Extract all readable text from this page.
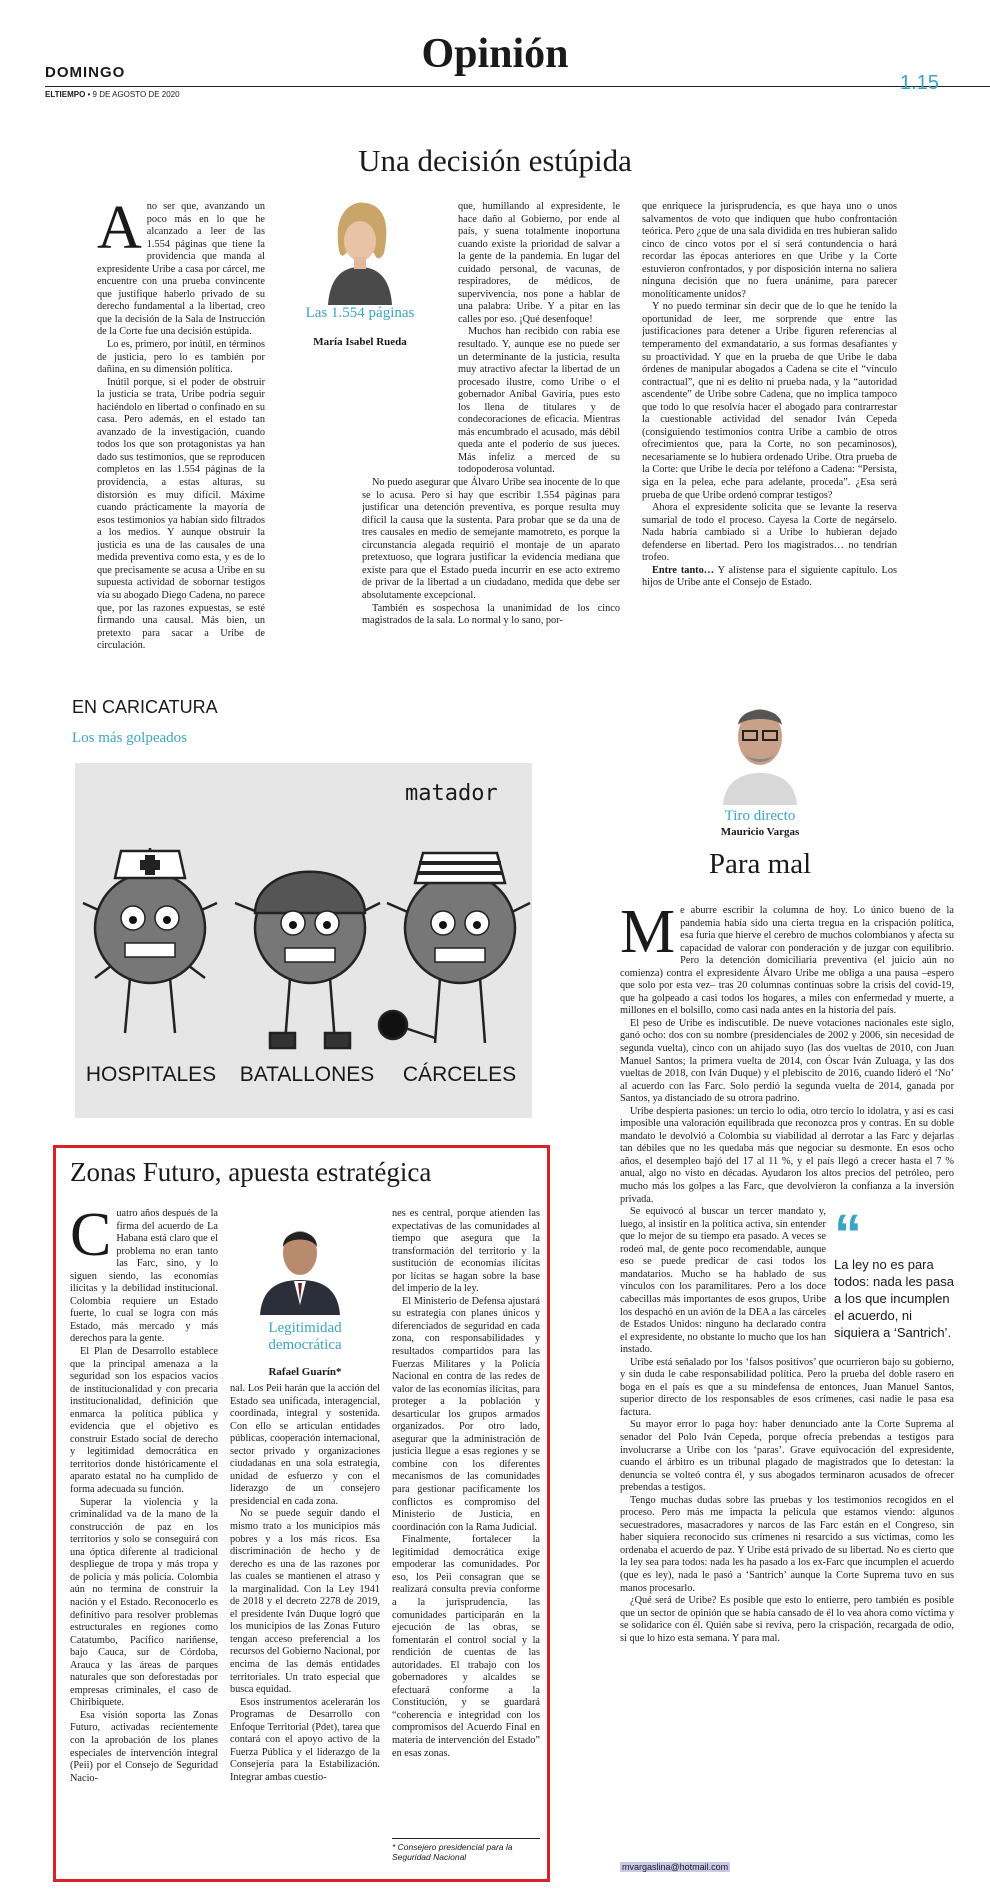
DOMINGO
ELTIEMPO • 9 DE AGOSTO DE 2020
Opinión
1.15
Una decisión estúpida

Ano ser que, avanzando un poco más en lo que he alcanzado a leer de las 1.554 páginas que tiene la providencia que manda al expresidente Uribe a casa por cárcel, me encuentre con una prueba convincente que justifique haberlo privado de su derecho fundamental a la libertad, creo que la decisión de la Sala de Instrucción de la Corte fue una decisión estúpida.

Lo es, primero, por inútil, en términos de justicia, pero lo es también por dañina, en su dimensión política.

Inútil porque, si el poder de obstruir la justicia se trata, Uribe podría seguir haciéndolo en libertad o confinado en su casa. Pero además, en el estado tan avanzado de la investigación, cuando todos los que son protagonistas ya han dado sus testimonios, que se reproducen completos en las 1.554 páginas de la providencia, a estas alturas, su distorsión es muy difícil. Máxime cuando prácticamente la mayoría de esos testimonios ya habían sido filtrados a los medios. Y aunque obstruir la justicia es una de las causales de una medida preventiva como esta, y es de lo que precisamente se acusa a Uribe en su supuesta actividad de sobornar testigos vía su abogado Diego Cadena, no parece que, por las razones expuestas, se esté firmando una causal. Más bien, un pretexto para sacar a Uribe de circulación.

Las 1.554 páginas
María Isabel Rueda

que, humillando al expresidente, le hace daño al Gobierno, por ende al país, y suena totalmente inoportuna cuando existe la prioridad de salvar a la gente de la pandemia. En lugar del cuidado personal, de vacunas, de respiradores, de médicos, de supervivencia, nos pone a hablar de una palabra: Uribe. Y a pitar en las calles por eso. ¡Qué desenfoque!

Muchos han recibido con rabia ese resultado. Y, aunque ese no puede ser un determinante de la justicia, resulta muy atractivo afectar la libertad de un procesado ilustre, como Uribe o el gobernador Aníbal Gaviria, pues esto los llena de titulares y de condecoraciones de eficacia. Mientras más encumbrado el acusado, más débil queda ante el poderío de sus jueces. Más infeliz a merced de su todopoderosa voluntad.

No puedo asegurar que Álvaro Uribe sea inocente de lo que se lo acusa. Pero si hay que escribir 1.554 páginas para justificar una detención preventiva, es porque resulta muy difícil la causa que la sustenta. Para probar que se da una de tres causales en medio de semejante mamotreto, es porque la circunstancia alegada requirió el montaje de un aparato pretextuoso, que lograra justificar la evidencia mediana que existe para que el Estado pueda incurrir en ese acto extremo de privar de la libertad a un ciudadano, medida que debe ser absolutamente excepcional.

También es sospechosa la unanimidad de los cinco magistrados de la sala. Lo normal y lo sano, por-

que enriquece la jurisprudencia, es que haya uno o unos salvamentos de voto que indiquen que hubo confrontación teórica. Pero ¿que de una sala dividida en tres hubieran salido cinco de cinco votos por el sí será contundencia o hará recordar las épocas anteriores en que Uribe y la Corte estuvieron confrontados, y por disposición interna no saliera ninguna decisión que no fuera unánime, para parecer monolíticamente unidos?

Y no puedo terminar sin decir que de lo que he tenido la oportunidad de leer, me sorprende que entre las justificaciones para detener a Uribe figuren referencias al temperamento del exmandatario, a sus formas desafiantes y su proactividad. Y que en la prueba de que Uribe le daba órdenes de manipular abogados a Cadena se cite el “vínculo contractual”, que ni es delito ni prueba nada, y la “autoridad ascendente” de Uribe sobre Cadena, que no implica tampoco que todo lo que resolvía hacer el abogado para contrarrestar la cuestionable actividad del senador Iván Cepeda (consiguiendo testimonios contra Uribe a cambio de otros ofrecimientos que, para la Corte, no son pecaminosos), necesariamente se lo hubiera ordenado Uribe. Otra prueba de la Corte: que Uribe le decía por teléfono a Cadena: “Persista, siga en la pelea, eche para adelante, proceda”. ¿Esa será prueba de que Uribe ordenó comprar testigos?

Ahora el expresidente solicita que se levante la reserva sumarial de todo el proceso. Cayesa la Corte de negárselo. Nada habría cambiado si a Uribe lo hubieran dejado defenderse en libertad. Pero los magistrados… no tendrían trofeo.

Entre tanto… Y alístense para el siguiente capítulo. Los hijos de Uribe ante el Consejo de Estado.

EN CARICATURA
Los más golpeados
matador
HOSPITALES	BATALLONES	CÁRCELES
Tiro directo
Mauricio Vargas
Para mal

Me aburre escribir la columna de hoy. Lo único bueno de la pandemia había sido una cierta tregua en la crispación política, esa furia que hierve el cerebro de muchos colombianos y afecta su capacidad de valorar con ponderación y de juzgar con equilibrio. Pero la detención domiciliaria preventiva (el juicio aún no comienza) contra el expresidente Álvaro Uribe me obliga a una pausa –espero que solo por esta vez– tras 20 columnas continuas sobre la crisis del covid-19, que ha golpeado a casi todos los hogares, a miles con enfermedad y muerte, a millones en el bolsillo, como casi nada antes en la historia del país.

El peso de Uribe es indiscutible. De nueve votaciones nacionales este siglo, ganó ocho: dos con su nombre (presidenciales de 2002 y 2006, sin necesidad de segunda vuelta), cinco con un ahijado suyo (las dos vueltas de 2010, con Juan Manuel Santos; la primera vuelta de 2014, con Óscar Iván Zuluaga, y las dos vueltas de 2018, con Iván Duque) y el plebiscito de 2016, cuando lideró el ‘No’ al acuerdo con las Farc. Solo perdió la segunda vuelta de 2014, ganada por Santos, ya distanciado de su otrora padrino.

Uribe despierta pasiones: un tercio lo odia, otro tercio lo idolatra, y así es casi imposible una valoración equilibrada que reconozca pros y contras. En su doble mandato le devolvió a Colombia su viabilidad al derrotar a las Farc y dejarlas tan débiles que no les quedaba más que negociar su desmonte. En esos ocho años, el desempleo bajó del 17 al 11 %, y el país llegó a crecer hasta el 7 % anual, algo no visto en décadas. Ayudaron los altos precios del petróleo, pero mucho más los golpes a las Farc, que devolvieron la confianza a la inversión privada.

“
La ley no es para todos: nada les pasa a los que incumplen el acuerdo, ni siquiera a ‘Santrich’.

Se equivocó al buscar un tercer mandato y, luego, al insistir en la política activa, sin entender que lo mejor de su tiempo era pasado. A veces se rodeó mal, de gente poco recomendable, aunque eso se puede predicar de casi todos los mandatarios. Mucho se ha hablado de sus vínculos con los paramilitares. Pero a los doce cabecillas más importantes de esos grupos, Uribe los despachó en un avión de la DEA a las cárceles de Estados Unidos: ninguno ha declarado contra el expresidente, no obstante lo mucho que los han instado.

Uribe está señalado por los ‘falsos positivos’ que ocurrieron bajo su gobierno, y sin duda le cabe responsabilidad política. Pero la prueba del doble rasero en boga en el país es que a su mindefensa de entonces, Juan Manuel Santos, superior directo de los responsables de esos crímenes, casi nadie le pasa esa factura.

Su mayor error lo paga hoy: haber denunciado ante la Corte Suprema al senador del Polo Iván Cepeda, porque ofrecía prebendas a testigos para involucrarse a Uribe con los ‘paras’. Grave equivocación del expresidente, cuando el árbitro es un tribunal plagado de magistrados que lo detestan: la denuncia se volteó contra él, y sus abogados terminaron acusados de ofrecer prebendas a testigos.

Tengo muchas dudas sobre las pruebas y los testimonios recogidos en el proceso. Pero más me impacta la película que estamos viendo: algunos secuestradores, masacradores y narcos de las Farc están en el Congreso, sin haber siquiera reconocido sus crímenes ni resarcido a sus víctimas, como les ordenaba el acuerdo de paz. Y Uribe está privado de su libertad. No es cierto que la ley sea para todos: nada les ha pasado a los ex-Farc que incumplen el acuerdo (que es ley), nada le pasó a ‘Santrich’ aunque la Corte Suprema tuvo en sus manos procesarlo.

¿Qué será de Uribe? Es posible que esto lo entierre, pero también es posible que un sector de opinión que se había cansado de él lo vea ahora como víctima y se solidarice con él. Quién sabe si reviva, pero la crispación, recargada de odio, si que lo hizo esta semana. Y para mal.

mvargaslina@hotmail.com
Zonas Futuro, apuesta estratégica

Cuatro años después de la firma del acuerdo de La Habana está claro que el problema no eran tanto las Farc, sino, y lo siguen siendo, las economías ilícitas y la debilidad institucional. Colombia requiere un Estado fuerte, lo cual se logra con más Estado, más mercado y más derechos para la gente.

El Plan de Desarrollo establece que la principal amenaza a la seguridad son los espacios vacíos de institucionalidad y con precaria institucionalidad, definición que enmarca la política pública y evidencia que el objetivo es construir Estado social de derecho y legitimidad democrática en territorios donde históricamente el aparato estatal no ha cumplido de forma adecuada su función.

Superar la violencia y la criminalidad va de la mano de la construcción de paz en los territorios y solo se conseguirá con una óptica diferente al tradicional despliegue de tropa y más tropa y de policía y más policía. Colombia aún no termina de construir la nación y el Estado. Reconocerlo es definitivo para resolver problemas estructurales en regiones como Catatumbo, Pacífico nariñense, bajo Cauca, sur de Córdoba, Arauca y las áreas de parques naturales que son deforestadas por empresas criminales, el caso de Chiribiquete.

Esa visión soporta las Zonas Futuro, activadas recientemente con la aprobación de los planes especiales de intervención integral (Peii) por el Consejo de Seguridad Nacio-

Legitimidad democrática
Rafael Guarín*

nal. Los Peii harán que la acción del Estado sea unificada, interagencial, coordinada, integral y sostenida. Con ello se articulan entidades públicas, cooperación internacional, sector privado y organizaciones ciudadanas en una sola estrategia, unidad de esfuerzo y con el liderazgo de un consejero presidencial en cada zona.

No se puede seguir dando el mismo trato a los municipios más pobres y a los más ricos. Esa discriminación de hecho y de derecho es una de las razones por las cuales se mantienen el atraso y la marginalidad. Con la Ley 1941 de 2018 y el decreto 2278 de 2019, el presidente Iván Duque logró que los municipios de las Zonas Futuro tengan acceso preferencial a los recursos del Gobierno Nacional, por encima de las demás entidades territoriales. Un trato especial que busca equidad.

Esos instrumentos acelerarán los Programas de Desarrollo con Enfoque Territorial (Pdet), tarea que contará con el apoyo activo de la Fuerza Pública y el liderazgo de la Consejería para la Estabilización. Integrar ambas cuestio-

nes es central, porque atienden las expectativas de las comunidades al tiempo que asegura que la transformación del territorio y la sustitución de economías ilícitas por lícitas se hagan sobre la base del imperio de la ley.

El Ministerio de Defensa ajustará su estrategia con planes únicos y diferenciados de seguridad en cada zona, con responsabilidades y resultados compartidos para las Fuerzas Militares y la Policía Nacional en contra de las redes de valor de las economías ilícitas, para proteger a la población y desarticular los grupos armados organizados. Por otro lado, asegurar que la administración de justicia llegue a esas regiones y se combine con los diferentes mecanismos de las comunidades para gestionar pacíficamente los conflictos es compromiso del Ministerio de Justicia, en coordinación con la Rama Judicial.

Finalmente, fortalecer la legitimidad democrática exige empoderar las comunidades. Por eso, los Peii consagran que se realizará consulta previa conforme a la jurisprudencia, las comunidades participarán en la ejecución de las obras, se fomentarán el control social y la rendición de cuentas de las autoridades. El trabajo con los gobernadores y alcaldes se efectuará conforme a la Constitución, y se guardará “coherencia e integridad con los compromisos del Acuerdo Final en materia de intervención del Estado” en esas zonas.

* Consejero presidencial para la Seguridad Nacional
